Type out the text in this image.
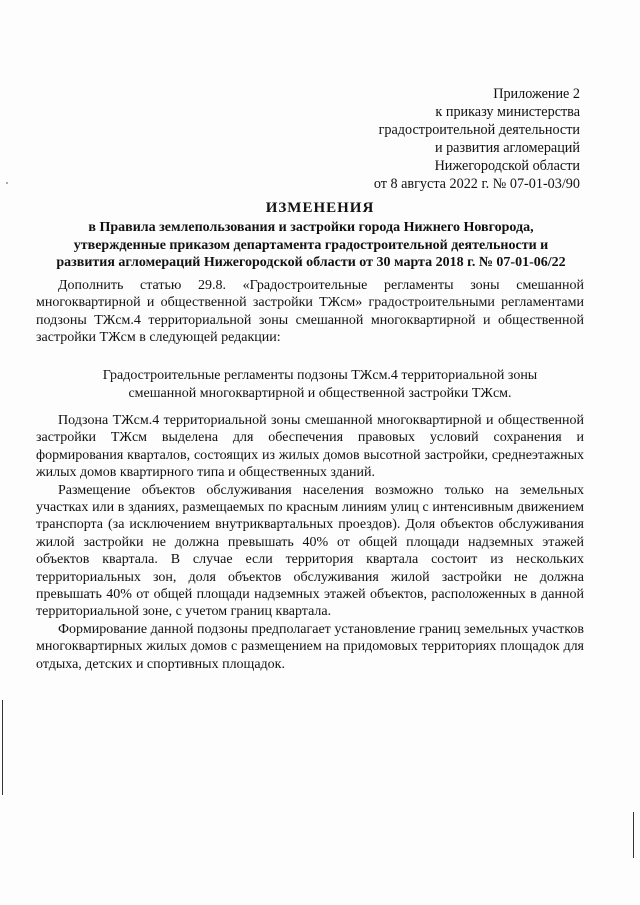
Приложение 2
к приказу министерства
градостроительной деятельности
и развития агломераций
Нижегородской области
от 8 августа 2022 г. № 07-01-03/90
ИЗМЕНЕНИЯ
в Правила землепользования и застройки города Нижнего Новгорода,
утвержденные приказом департамента градостроительной деятельности и
развития агломераций Нижегородской области от 30 марта 2018 г. № 07-01-06/22

Дополнить статью 29.8. «Градостроительные регламенты зоны смешанной многоквартирной и общественной застройки ТЖсм» градостроительными регламентами подзоны ТЖсм.4 территориальной зоны смешанной многоквартирной и общественной застройки ТЖсм в следующей редакции:

Градостроительные регламенты подзоны ТЖсм.4 территориальной зоны
смешанной многоквартирной и общественной застройки ТЖсм.

Подзона ТЖсм.4 территориальной зоны смешанной многоквартирной и общественной застройки ТЖсм выделена для обеспечения правовых условий сохранения и формирования кварталов, состоящих из жилых домов высотной застройки, среднеэтажных жилых домов квартирного типа и общественных зданий.

Размещение объектов обслуживания населения возможно только на земельных участках или в зданиях, размещаемых по красным линиям улиц с интенсивным движением транспорта (за исключением внутриквартальных проездов). Доля объектов обслуживания жилой застройки не должна превышать 40% от общей площади надземных этажей объектов квартала. В случае если территория квартала состоит из нескольких территориальных зон, доля объектов обслуживания жилой застройки не должна превышать 40% от общей площади надземных этажей объектов, расположенных в данной территориальной зоне, с учетом границ квартала.

Формирование данной подзоны предполагает установление границ земельных участков многоквартирных жилых домов с размещением на придомовых территориях площадок для отдыха, детских и спортивных площадок.
